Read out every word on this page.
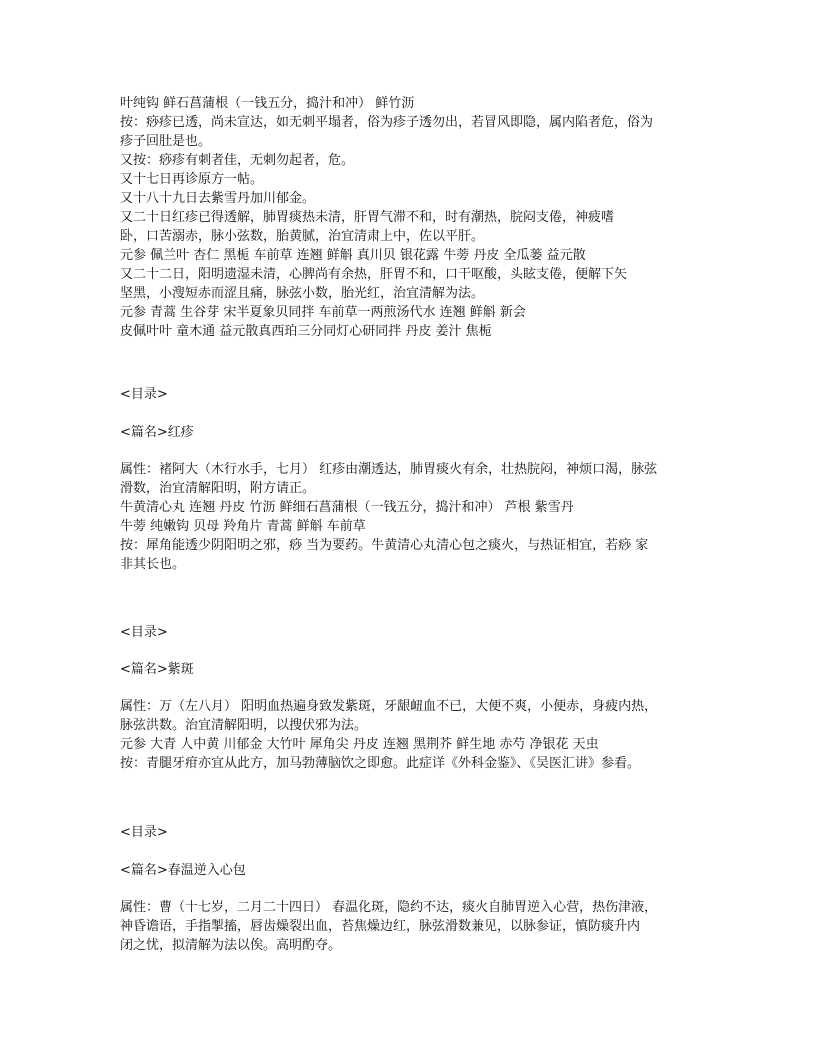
叶纯钩 鲜石菖蒲根（一钱五分，捣汁和冲） 鲜竹沥
按：痧疹已透，尚未宣达，如无刺平塌者，俗为疹子透勿出，若冒风即隐，属内陷者危，俗为
疹子回肚是也。
又按：痧疹有刺者佳，无刺勿起者，危。
又十七日再诊原方一帖。
又十八十九日去紫雪丹加川郁金。
又二十日红疹已得透解，肺胃痰热未清，肝胃气滞不和，时有潮热，脘闷支倦，神疲嗜
卧，口苦溺赤，脉小弦数，胎黄腻，治宜清肃上中，佐以平肝。
元参 佩兰叶 杏仁 黑栀 车前草 连翘 鲜斛 真川贝 银花露 牛蒡 丹皮 全瓜蒌 益元散
又二十二日，阳明遗湿未清，心脾尚有余热，肝胃不和，口干呕酸，头眩支倦，便解下矢
坚黑，小溲短赤而涩且痛，脉弦小数，胎光红，治宜清解为法。
元参 青蒿 生谷芽 宋半夏象贝同拌 车前草一两煎汤代水 连翘 鲜斛 新会
皮佩叶叶 童木通 益元散真西珀三分同灯心研同拌 丹皮 姜汁 焦栀
<目录>
<篇名>红疹
属性：褚阿大（木行水手，七月） 红疹由潮透达，肺胃痰火有余，壮热脘闷，神烦口渴，脉弦
滑数，治宜清解阳明，附方请正。
牛黄清心丸 连翘 丹皮 竹沥 鲜细石菖蒲根（一钱五分，捣汁和冲） 芦根 紫雪丹
牛蒡 纯嫩钩 贝母 羚角片 青蒿 鲜斛 车前草
按：犀角能透少阴阳明之邪，痧 当为要药。牛黄清心丸清心包之痰火，与热证相宜，若痧 家
非其长也。
<目录>
<篇名>紫斑
属性：万（左八月） 阳明血热遍身致发紫斑，牙龈衄血不已，大便不爽，小便赤，身疲内热，
脉弦洪数。治宜清解阳明，以搜伏邪为法。
元参 大青 人中黄 川郁金 大竹叶 犀角尖 丹皮 连翘 黑荆芥 鲜生地 赤芍 净银花 天虫
按：青腿牙疳亦宜从此方，加马勃薄脑饮之即愈。此症详《外科金鉴》、《吴医汇讲》参看。
<目录>
<篇名>春温逆入心包
属性：曹（十七岁，二月二十四日） 春温化斑，隐约不达，痰火自肺胃逆入心营，热伤津液，
神昏谵语，手指掣搐，唇齿燥裂出血，苔焦燥边红，脉弦滑数兼见，以脉参证，慎防痰升内
闭之忧，拟清解为法以俟。高明酌夺。
